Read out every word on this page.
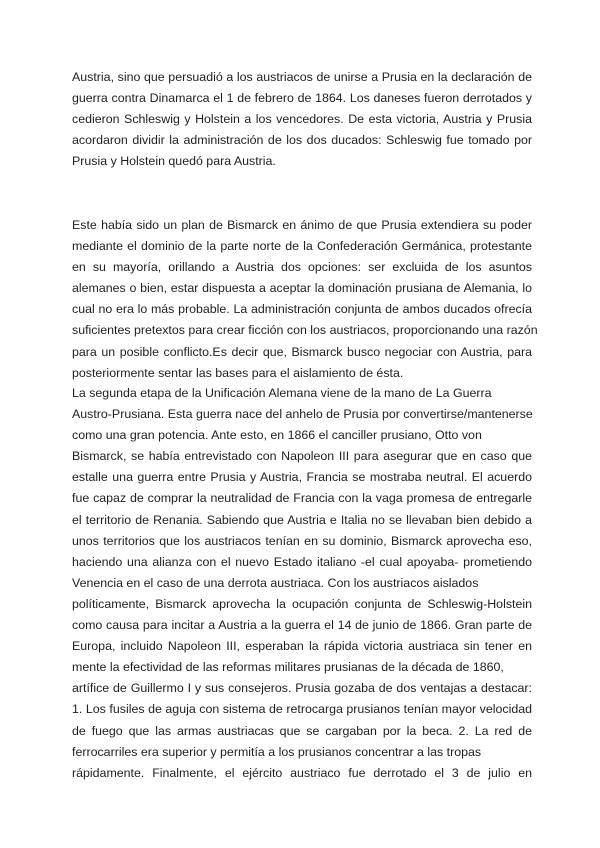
Austria, sino que persuadió a los austriacos de unirse a Prusia en la declaración de
guerra contra Dinamarca el 1 de febrero de 1864. Los daneses fueron derrotados y
cedieron Schleswig y Holstein a los vencedores. De esta victoria, Austria y Prusia
acordaron dividir la administración de los dos ducados: Schleswig fue tomado por
Prusia y Holstein quedó para Austria.
Este había sido un plan de Bismarck en ánimo de que Prusia extendiera su poder
mediante el dominio de la parte norte de la Confederación Germánica, protestante
en su mayoría, orillando a Austria dos opciones: ser excluida de los asuntos
alemanes o bien, estar dispuesta a aceptar la dominación prusiana de Alemania, lo
cual no era lo más probable. La administración conjunta de ambos ducados ofrecía
suficientes pretextos para crear ficción con los austriacos, proporcionando una razón
para un posible conflicto.Es decir que, Bismarck busco negociar con Austria, para
posteriormente sentar las bases para el aislamiento de ésta.
La segunda etapa de la Unificación Alemana viene de la mano de La Guerra
Austro-Prusiana. Esta guerra nace del anhelo de Prusia por convertirse/mantenerse
como una gran potencia. Ante esto, en 1866 el canciller prusiano, Otto von
Bismarck, se había entrevistado con Napoleon III para asegurar que en caso que
estalle una guerra entre Prusia y Austria, Francia se mostraba neutral. El acuerdo
fue capaz de comprar la neutralidad de Francia con la vaga promesa de entregarle
el territorio de Renania. Sabiendo que Austria e Italia no se llevaban bien debido a
unos territorios que los austriacos tenían en su dominio, Bismarck aprovecha eso,
haciendo una alianza con el nuevo Estado italiano -el cual apoyaba- prometiendo
Venencia en el caso de una derrota austriaca. Con los austriacos aislados
políticamente, Bismarck aprovecha la ocupación conjunta de Schleswig-Holstein
como causa para incitar a Austria a la guerra el 14 de junio de 1866. Gran parte de
Europa, incluido Napoleon III, esperaban la rápida victoria austriaca sin tener en
mente la efectividad de las reformas militares prusianas de la década de 1860,
artífice de Guillermo I y sus consejeros. Prusia gozaba de dos ventajas a destacar:
1. Los fusiles de aguja con sistema de retrocarga prusianos tenían mayor velocidad
de fuego que las armas austriacas que se cargaban por la beca. 2. La red de
ferrocarriles era superior y permitía a los prusianos concentrar a las tropas
rápidamente. Finalmente, el ejército austriaco fue derrotado el 3 de julio en
